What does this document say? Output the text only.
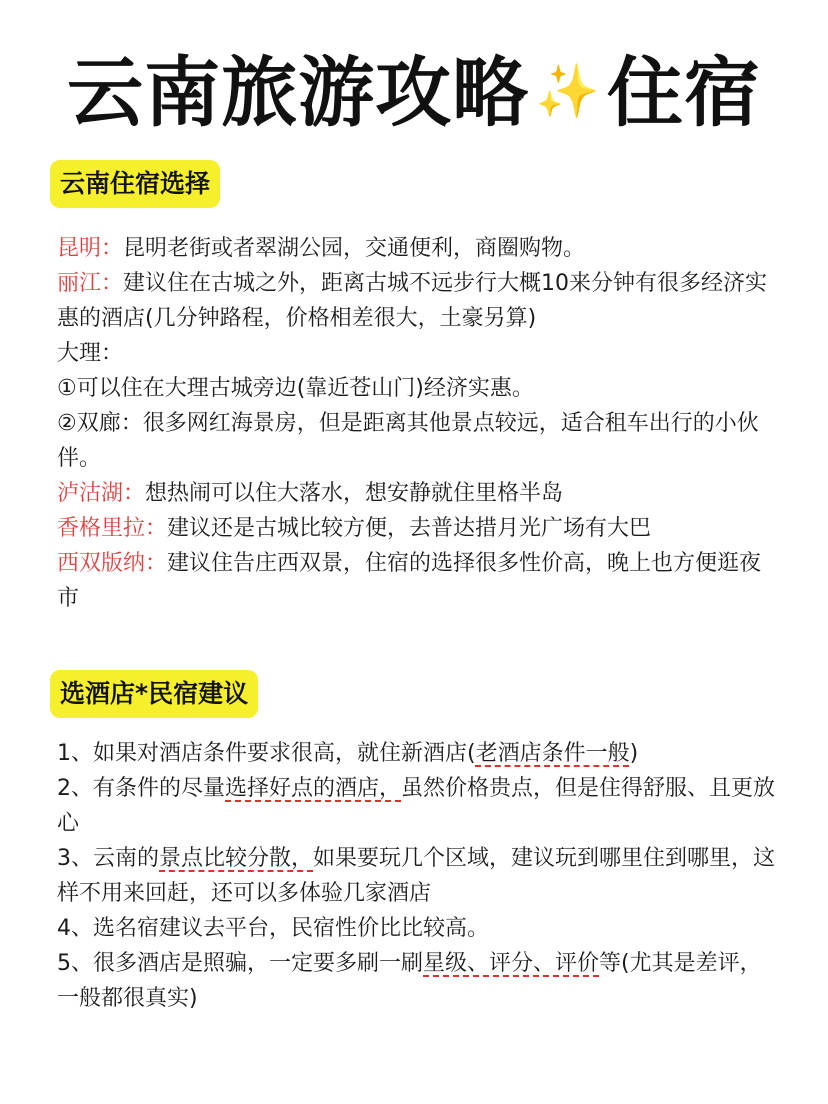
云南旅游攻略 ✨住宿
云南住宿选择

昆明：昆明老街或者翠湖公园，交通便利，商圈购物。

丽江：建议住在古城之外，距离古城不远步行大概10来分钟有很多经济实惠的酒店(几分钟路程，价格相差很大，土豪另算)

大理：

①可以住在大理古城旁边(靠近苍山门)经济实惠。

②双廊：很多网红海景房，但是距离其他景点较远，适合租车出行的小伙伴。

泸沽湖：想热闹可以住大落水，想安静就住里格半岛

香格里拉：建议还是古城比较方便，去普达措月光广场有大巴

西双版纳：建议住告庄西双景，住宿的选择很多性价高，晚上也方便逛夜市

选酒店*民宿建议

1、如果对酒店条件要求很高，就住新酒店(老酒店条件一般)

2、有条件的尽量选择好点的酒店，虽然价格贵点，但是住得舒服、且更放心

3、云南的景点比较分散，如果要玩几个区域，建议玩到哪里住到哪里，这样不用来回赶，还可以多体验几家酒店

4、选名宿建议去平台，民宿性价比比较高。

5、很多酒店是照骗，一定要多刷一刷星级、评分、评价等(尤其是差评，一般都很真实)
